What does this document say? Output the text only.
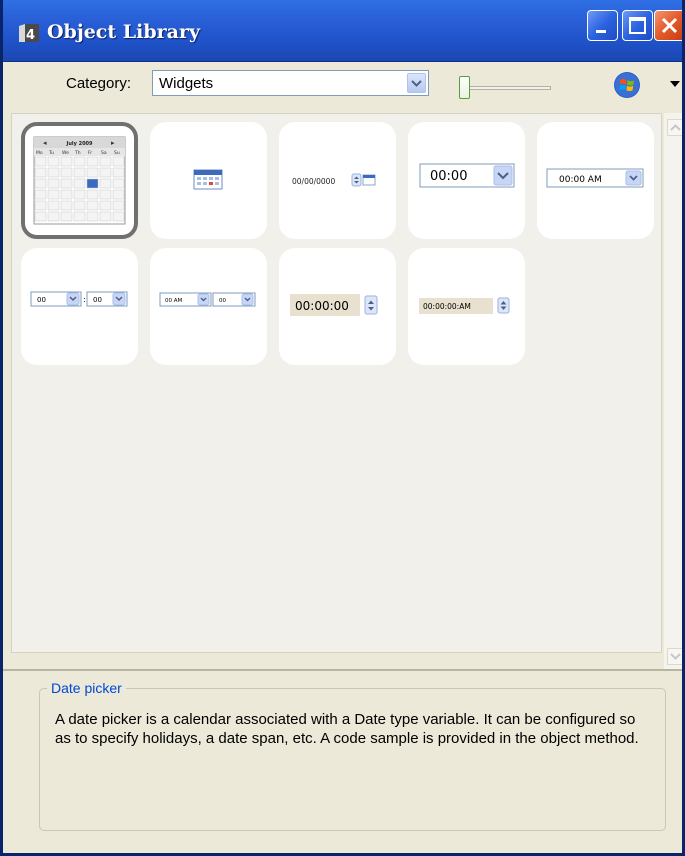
4 Object Library
Category: Widgets
◂	▸
July 2009
Mo Tu We Th Fr Sa Su
00/00/0000	00:00	00:00 AM
00	: 00	00 AM	00	00:00:00	00:00:00:AM
Date picker
A date picker is a calendar associated with a Date type variable. It can be configured so as to specify holidays, a date span, etc. A code sample is provided in the object method.
